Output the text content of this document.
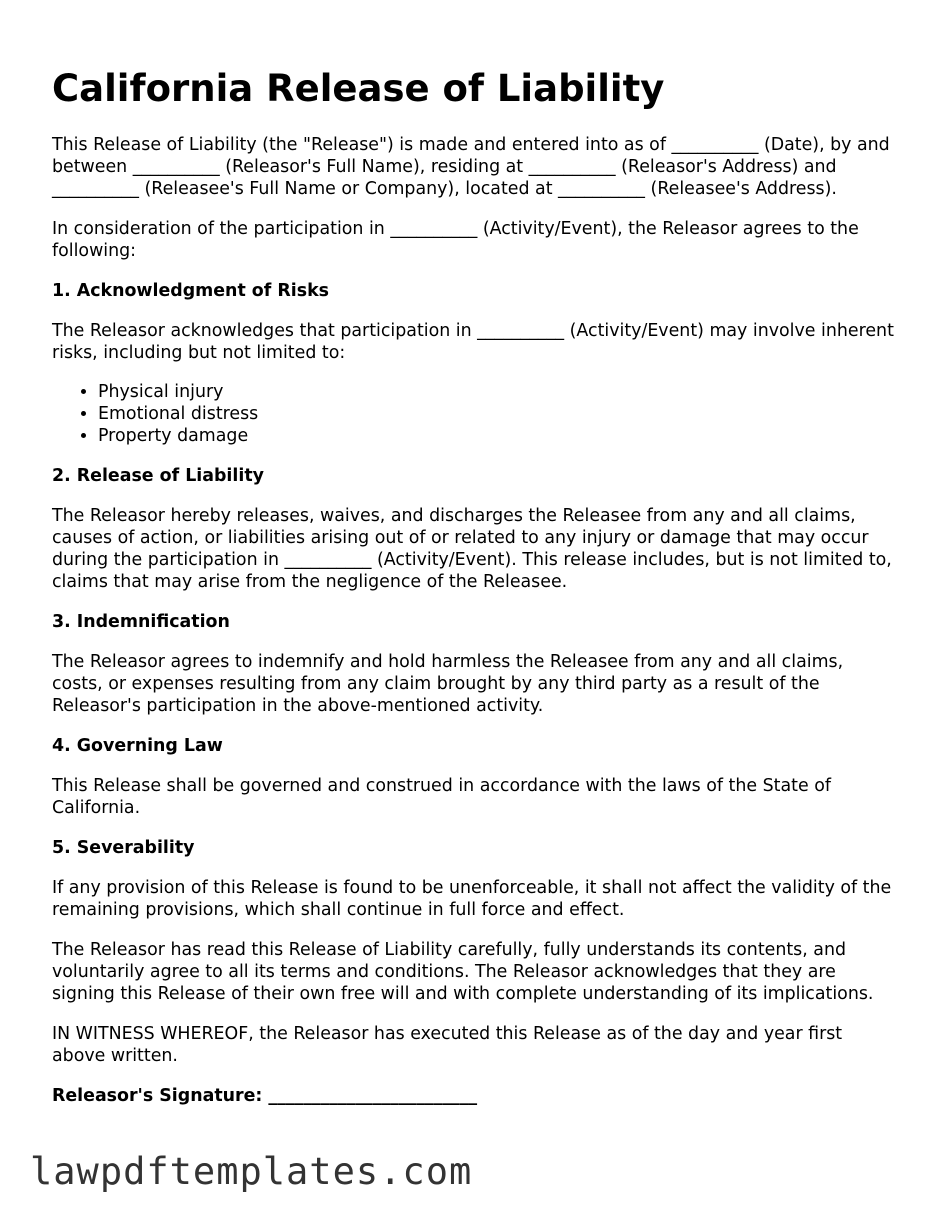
California Release of Liability

This Release of Liability (the "Release") is made and entered into as of __________ (Date), by and between __________ (Releasor's Full Name), residing at __________ (Releasor's Address) and __________ (Releasee's Full Name or Company), located at __________ (Releasee's Address).

In consideration of the participation in __________ (Activity/Event), the Releasor agrees to the following:

1. Acknowledgment of Risks

The Releasor acknowledges that participation in __________ (Activity/Event) may involve inherent risks, including but not limited to:

• Physical injury
• Emotional distress
• Property damage
2. Release of Liability

The Releasor hereby releases, waives, and discharges the Releasee from any and all claims, causes of action, or liabilities arising out of or related to any injury or damage that may occur during the participation in __________ (Activity/Event). This release includes, but is not limited to, claims that may arise from the negligence of the Releasee.

3. Indemnification

The Releasor agrees to indemnify and hold harmless the Releasee from any and all claims, costs, or expenses resulting from any claim brought by any third party as a result of the Releasor's participation in the above-mentioned activity.

4. Governing Law

This Release shall be governed and construed in accordance with the laws of the State of California.

5. Severability

If any provision of this Release is found to be unenforceable, it shall not affect the validity of the remaining provisions, which shall continue in full force and effect.

The Releasor has read this Release of Liability carefully, fully understands its contents, and voluntarily agree to all its terms and conditions. The Releasor acknowledges that they are signing this Release of their own free will and with complete understanding of its implications.

IN WITNESS WHEREOF, the Releasor has executed this Release as of the day and year first above written.

Releasor's Signature: ________________________
lawpdftemplates.com
